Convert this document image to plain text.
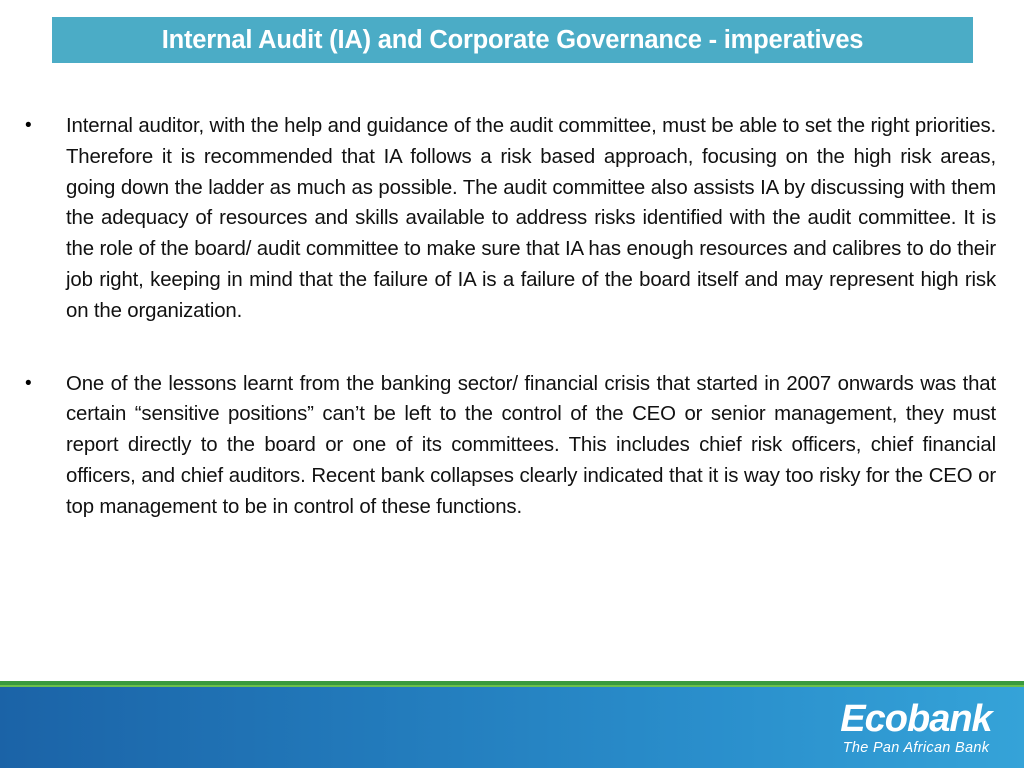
Internal Audit (IA) and Corporate Governance - imperatives
• Internal auditor, with the help and guidance of the audit committee, must be able to set the right priorities. Therefore it is recommended that IA follows a risk based approach, focusing on the high risk areas, going down the ladder as much as possible. The audit committee also assists IA by discussing with them the adequacy of resources and skills available to address risks identified with the audit committee. It is the role of the board/ audit committee to make sure that IA has enough resources and calibres to do their job right, keeping in mind that the failure of IA is a failure of the board itself and may represent high risk on the organization.
• One of the lessons learnt from the banking sector/ financial crisis that started in 2007 onwards was that certain “sensitive positions” can’t be left to the control of the CEO or senior management, they must report directly to the board or one of its committees. This includes chief risk officers, chief financial officers, and chief auditors. Recent bank collapses clearly indicated that it is way too risky for the CEO or top management to be in control of these functions.
Ecobank
The Pan African Bank
